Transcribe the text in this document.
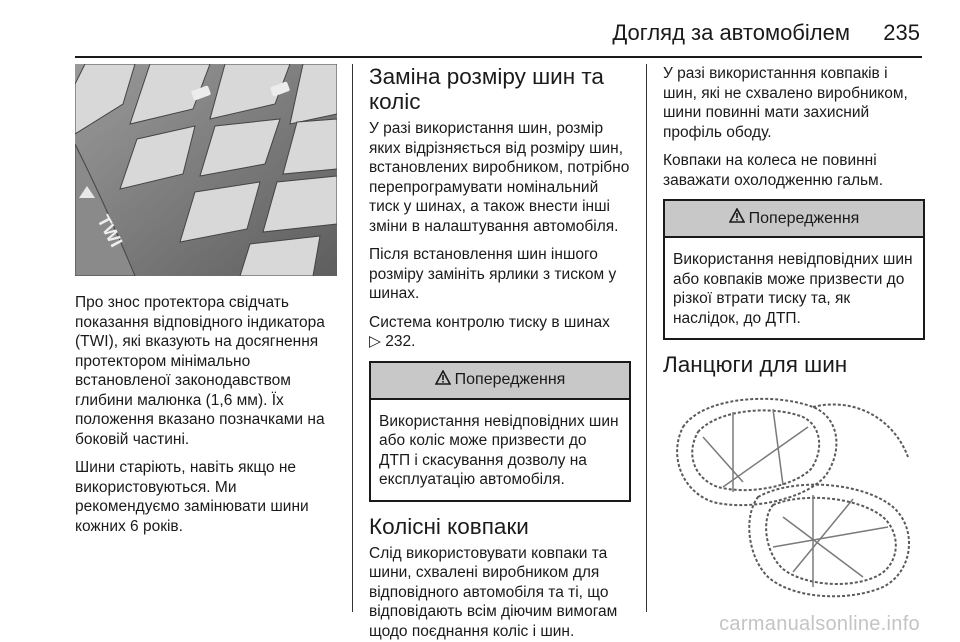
Догляд за автомобілем 235
TWI

Про знос протектора свідчать показання відповідного індикатора (TWI), які вказують на досягнення протектором мінімально встановленої законодавством глибини малюнка (1,6 мм). Їх положення вказано позначками на боковій частині.

Шини старіють, навіть якщо не використовуються. Ми рекомендуємо замінювати шини кожних 6 років.

Заміна розміру шин та коліс

У разі використання шин, розмір яких відрізняється від розміру шин, встановлених виробником, потрібно перепрограмувати номінальний тиск у шинах, а також внести інші зміни в налаштування автомобіля.

Після встановлення шин іншого розміру замініть ярлики з тиском у шинах.

Система контролю тиску в шинах
▷ 232.

Попередження
Використання невідповідних шин або коліс може призвести до ДТП і скасування дозволу на експлуатацію автомобіля.
Колісні ковпаки

Слід використовувати ковпаки та шини, схвалені виробником для відповідного автомобіля та ті, що відповідають всім діючим вимогам щодо поєднання коліс і шин.

У разі використанння ковпаків і шин, які не схвалено виробником, шини повинні мати захисний профіль ободу.

Ковпаки на колеса не повинні заважати охолодженню гальм.

Попередження
Використання невідповідних шин або ковпаків може призвести до різкої втрати тиску та, як наслідок, до ДТП.
Ланцюги для шин
carmanualsonline.info
